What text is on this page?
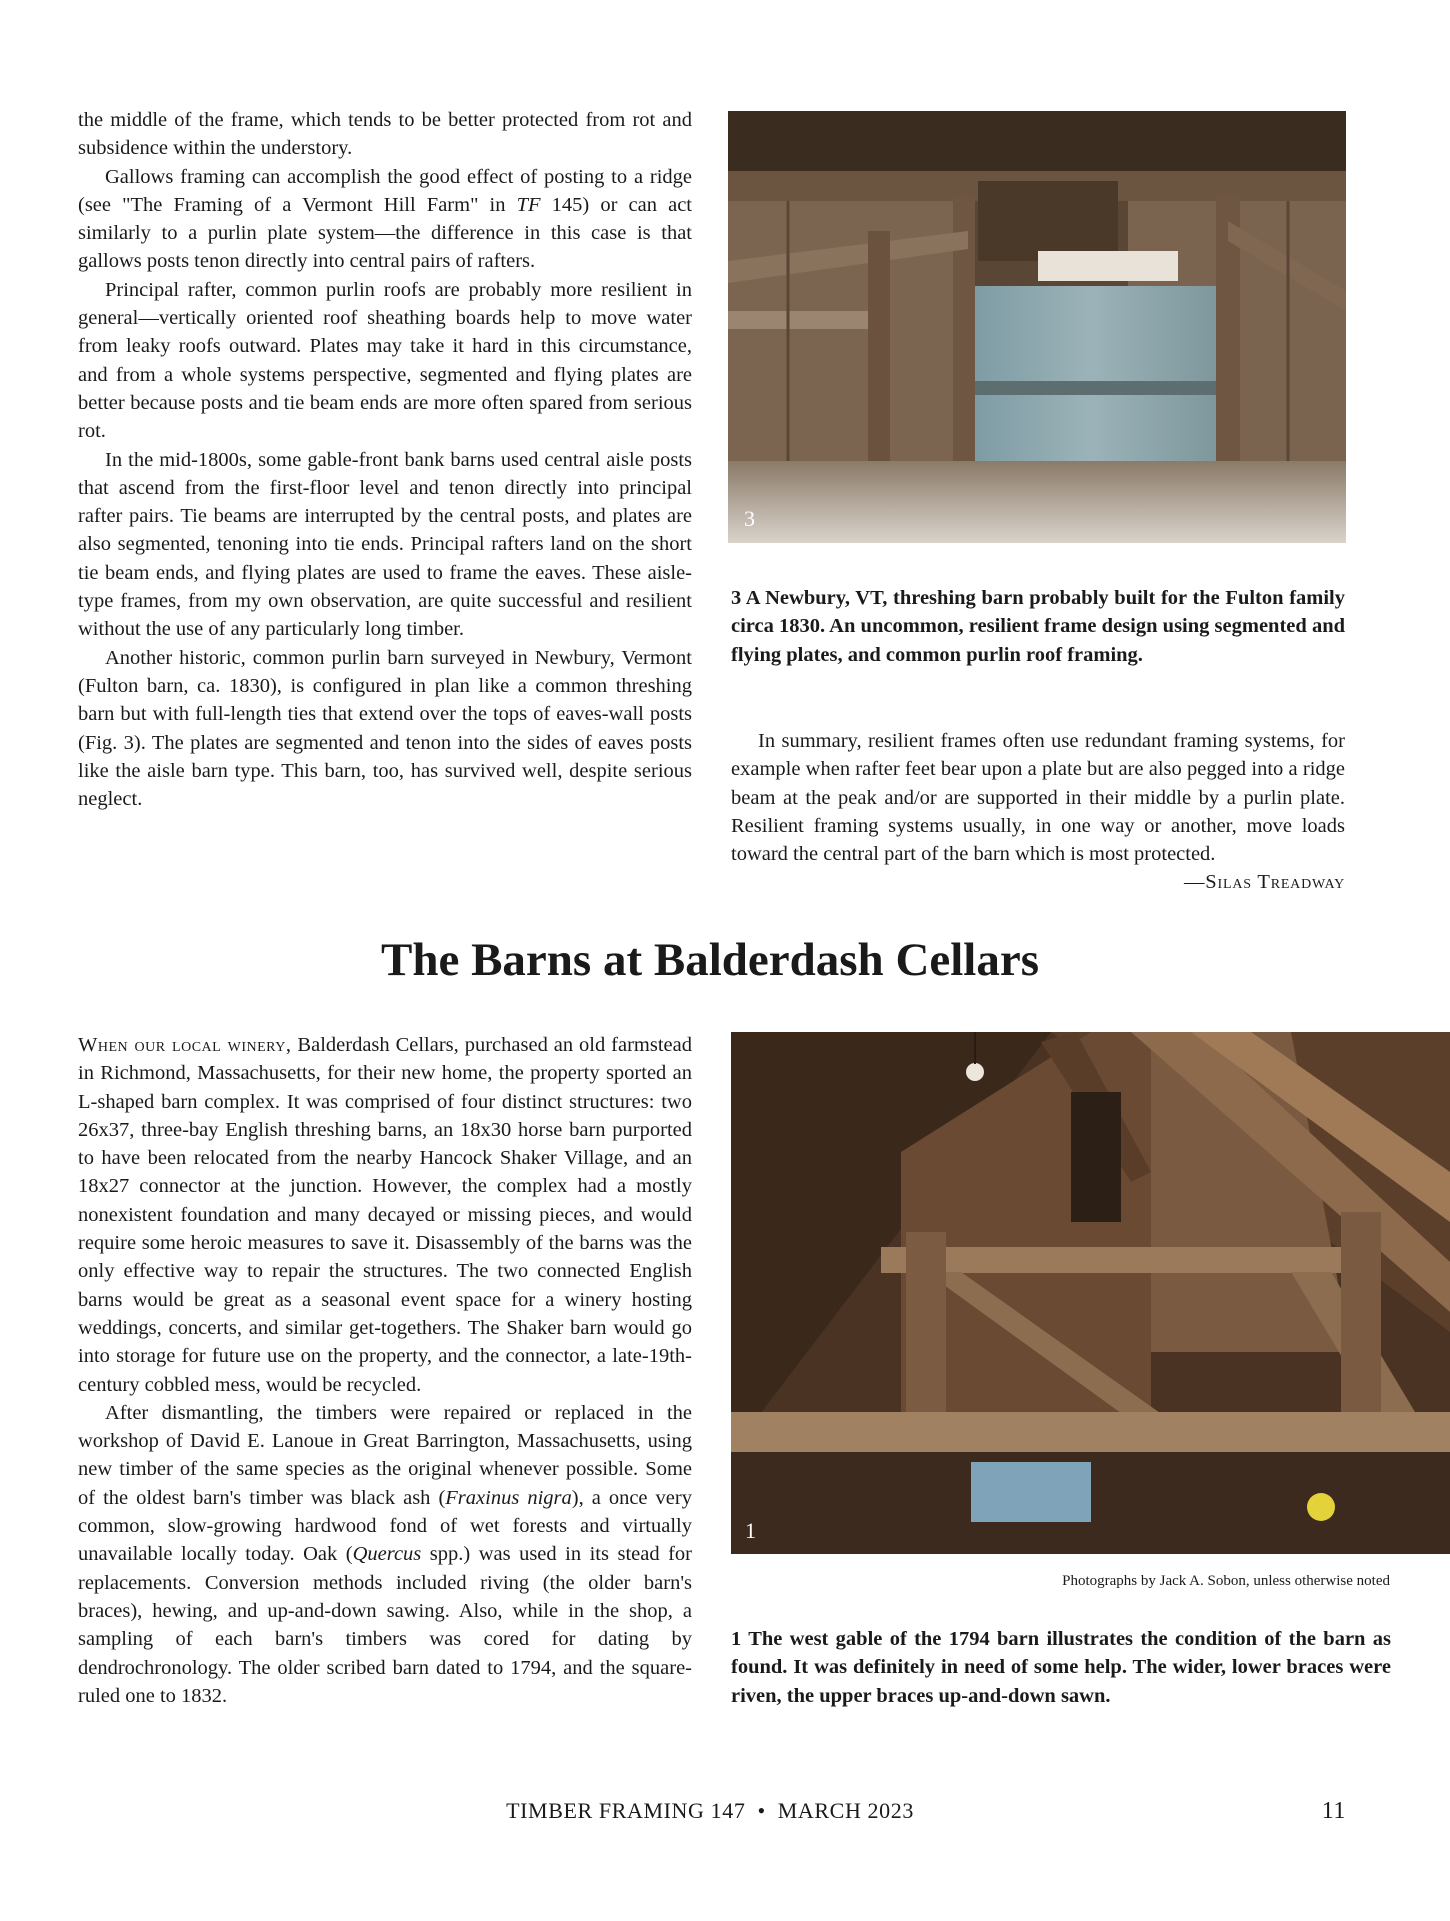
the middle of the frame, which tends to be better protected from rot and subsidence within the understory.

Gallows framing can accomplish the good effect of posting to a ridge (see "The Framing of a Vermont Hill Farm" in TF 145) or can act similarly to a purlin plate system—the difference in this case is that gallows posts tenon directly into central pairs of rafters.

Principal rafter, common purlin roofs are probably more resilient in general—vertically oriented roof sheathing boards help to move water from leaky roofs outward. Plates may take it hard in this circumstance, and from a whole systems perspective, segmented and flying plates are better because posts and tie beam ends are more often spared from serious rot.

In the mid-1800s, some gable-front bank barns used central aisle posts that ascend from the first-floor level and tenon directly into principal rafter pairs. Tie beams are interrupted by the central posts, and plates are also segmented, tenoning into tie ends. Principal rafters land on the short tie beam ends, and flying plates are used to frame the eaves. These aisle-type frames, from my own observation, are quite successful and resilient without the use of any particularly long timber.

Another historic, common purlin barn surveyed in Newbury, Vermont (Fulton barn, ca. 1830), is configured in plan like a common threshing barn but with full-length ties that extend over the tops of eaves-wall posts (Fig. 3). The plates are segmented and tenon into the sides of eaves posts like the aisle barn type. This barn, too, has survived well, despite serious neglect.

3
3 A Newbury, VT, threshing barn probably built for the Fulton family circa 1830. An uncommon, resilient frame design using segmented and flying plates, and common purlin roof framing.

In summary, resilient frames often use redundant framing systems, for example when rafter feet bear upon a plate but are also pegged into a ridge beam at the peak and/or are supported in their middle by a purlin plate. Resilient framing systems usually, in one way or another, move loads toward the central part of the barn which is most protected.

—Silas Treadway

The Barns at Balderdash Cellars

When our local winery, Balderdash Cellars, purchased an old farmstead in Richmond, Massachusetts, for their new home, the property sported an L-shaped barn complex. It was comprised of four distinct structures: two 26x37, three-bay English threshing barns, an 18x30 horse barn purported to have been relocated from the nearby Hancock Shaker Village, and an 18x27 connector at the junction. However, the complex had a mostly nonexistent foundation and many decayed or missing pieces, and would require some heroic measures to save it. Disassembly of the barns was the only effective way to repair the structures. The two connected English barns would be great as a seasonal event space for a winery hosting weddings, concerts, and similar get-togethers. The Shaker barn would go into storage for future use on the property, and the connector, a late-19th-century cobbled mess, would be recycled.

After dismantling, the timbers were repaired or replaced in the workshop of David E. Lanoue in Great Barrington, Massachusetts, using new timber of the same species as the original whenever possible. Some of the oldest barn's timber was black ash (Fraxinus nigra), a once very common, slow-growing hardwood fond of wet forests and virtually unavailable locally today. Oak (Quercus spp.) was used in its stead for replacements. Conversion methods included riving (the older barn's braces), hewing, and up-and-down sawing. Also, while in the shop, a sampling of each barn's timbers was cored for dating by dendrochronology. The older scribed barn dated to 1794, and the square-ruled one to 1832.

1
Photographs by Jack A. Sobon, unless otherwise noted
1 The west gable of the 1794 barn illustrates the condition of the barn as found. It was definitely in need of some help. The wider, lower braces were riven, the upper braces up-and-down sawn.
TIMBER FRAMING 147 • MARCH 2023	11
